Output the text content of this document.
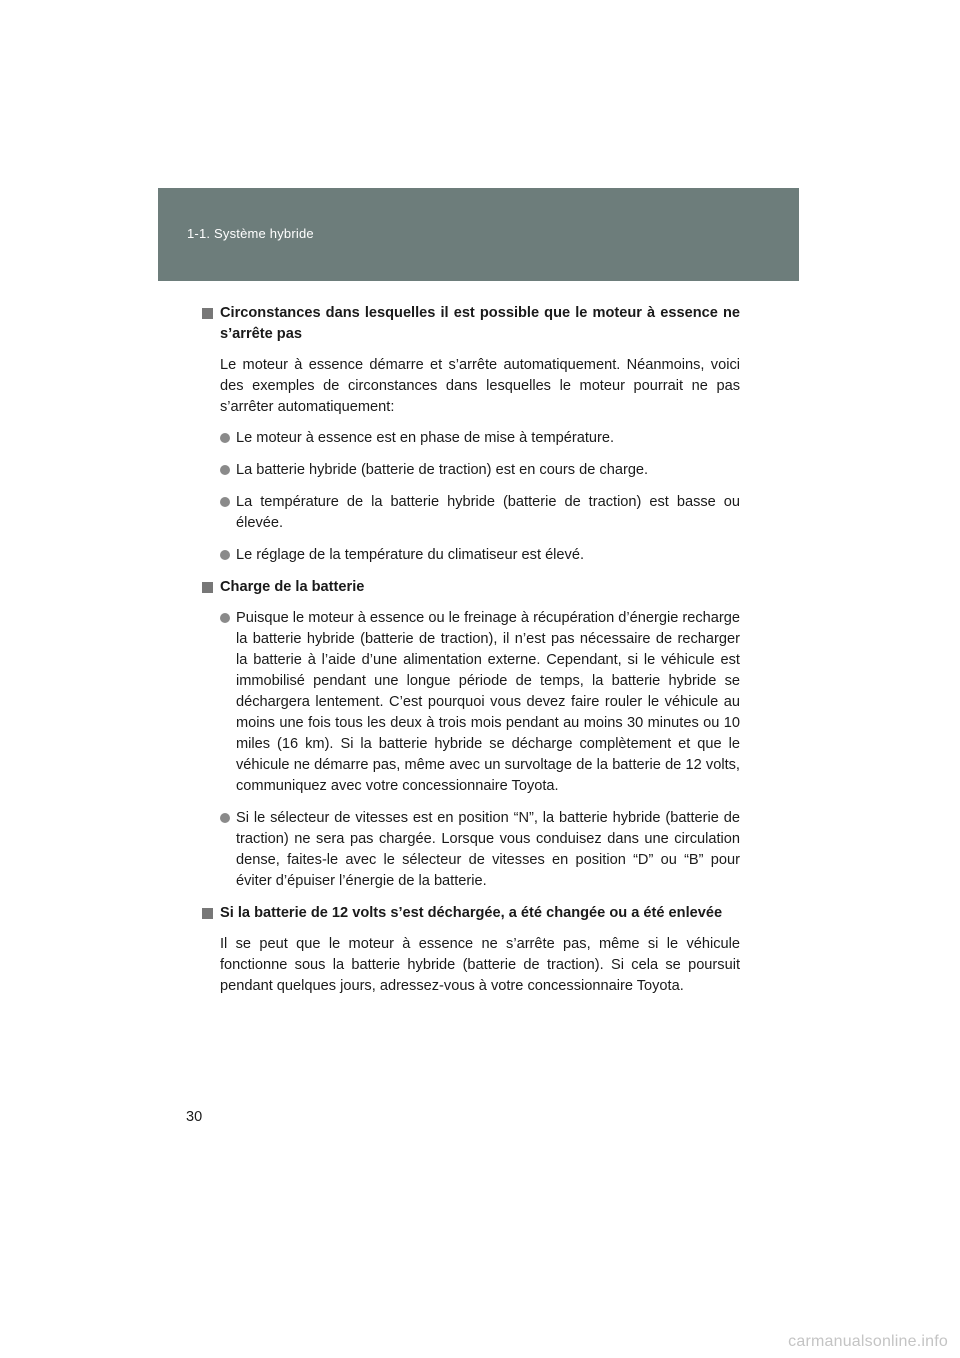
1-1. Système hybride
Circonstances dans lesquelles il est possible que le moteur à essence ne s’arrête pas
Le moteur à essence démarre et s’arrête automatiquement. Néanmoins, voici des exemples de circonstances dans lesquelles le moteur pourrait ne pas s’arrêter automatiquement:
Le moteur à essence est en phase de mise à température.
La batterie hybride (batterie de traction) est en cours de charge.
La température de la batterie hybride (batterie de traction) est basse ou élevée.
Le réglage de la température du climatiseur est élevé.
Charge de la batterie
Puisque le moteur à essence ou le freinage à récupération d’énergie recharge la batterie hybride (batterie de traction), il n’est pas nécessaire de recharger la batterie à l’aide d’une alimentation externe. Cependant, si le véhicule est immobilisé pendant une longue période de temps, la batterie hybride se déchargera lentement. C’est pourquoi vous devez faire rouler le véhicule au moins une fois tous les deux à trois mois pendant au moins 30 minutes ou 10 miles (16 km). Si la batterie hybride se décharge complètement et que le véhicule ne démarre pas, même avec un survoltage de la batterie de 12 volts, communiquez avec votre concessionnaire Toyota.
Si le sélecteur de vitesses est en position “N”, la batterie hybride (batterie de traction) ne sera pas chargée. Lorsque vous conduisez dans une circulation dense, faites-le avec le sélecteur de vitesses en position “D” ou “B” pour éviter d’épuiser l’énergie de la batterie.
Si la batterie de 12 volts s’est déchargée, a été changée ou a été enlevée
Il se peut que le moteur à essence ne s’arrête pas, même si le véhicule fonctionne sous la batterie hybride (batterie de traction). Si cela se poursuit pendant quelques jours, adressez-vous à votre concessionnaire Toyota.
30
carmanualsonline.info
